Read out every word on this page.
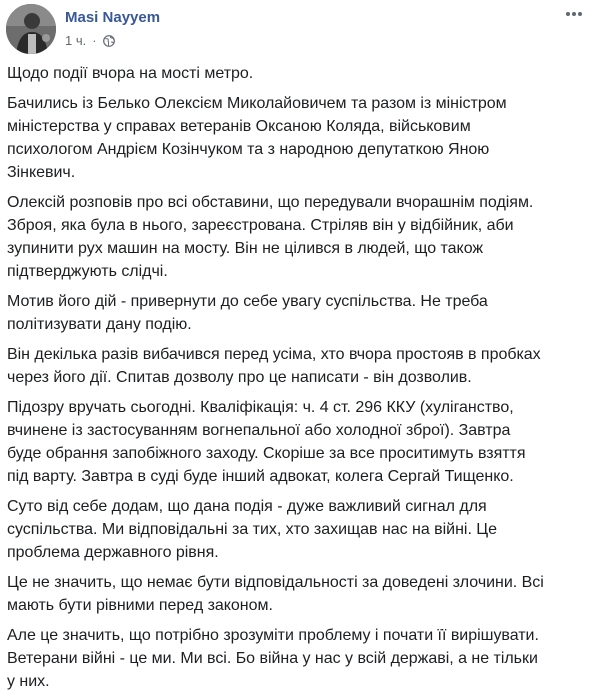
Masi Nayyem
1 ч. ·

Щодо події вчора на мості метро.

Бачились із Белько Олексієм Миколайовичем та разом із міністром
міністерства у справах ветеранів Оксаною Коляда, військовим
психологом Андрієм Козінчуком та з народною депутаткою Яною
Зінкевич.

Олексій розповів про всі обставини, що передували вчорашнім подіям.
Зброя, яка була в нього, зареєстрована. Стріляв він у відбійник, аби
зупинити рух машин на мосту. Він не цілився в людей, що також
підтверджують слідчі.

Мотив його дій - привернути до себе увагу суспільства. Не треба
політизувати дану подію.

Він декілька разів вибачився перед усіма, хто вчора простояв в пробках
через його дії. Спитав дозволу про це написати - він дозволив.

Підозру вручать сьогодні. Кваліфікація: ч. 4 ст. 296 ККУ (хуліганство,
вчинене із застосуванням вогнепальної або холодної зброї). Завтра
буде обрання запобіжного заходу. Скоріше за все проситимуть взяття
під варту. Завтра в суді буде інший адвокат, колега Сергай Тищенко.

Суто від себе додам, що дана подія - дуже важливий сигнал для
суспільства. Ми відповідальні за тих, хто захищав нас на війні. Це
проблема державного рівня.

Це не значить, що немає бути відповідальності за доведені злочини. Всі
мають бути рівними перед законом.

Але це значить, що потрібно зрозуміти проблему і почати її вирішувати.
Ветерани війні - це ми. Ми всі. Бо війна у нас у всій державі, а не тільки
у них.
